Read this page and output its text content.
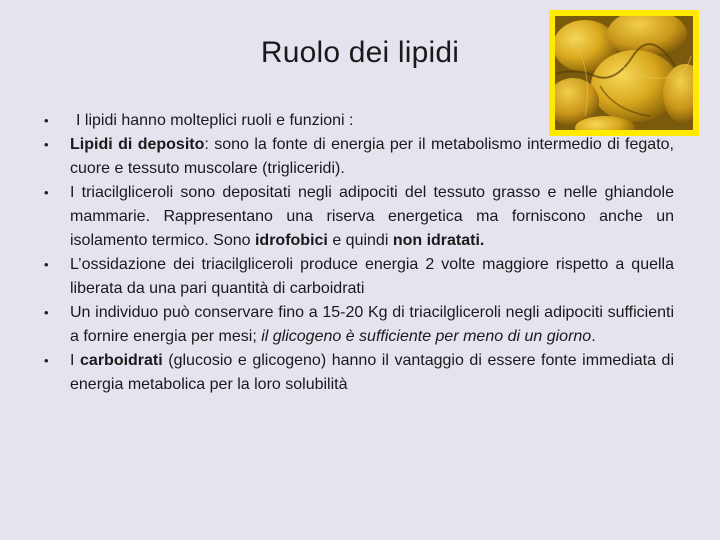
Ruolo dei lipidi
• I lipidi hanno molteplici ruoli e funzioni :
• Lipidi di deposito: sono la fonte di energia per il metabolismo intermedio di fegato, cuore e tessuto muscolare (trigliceridi).
• I triacilgliceroli sono depositati negli adipociti del tessuto grasso e nelle ghiandole mammarie. Rappresentano una riserva energetica ma forniscono anche un isolamento termico. Sono idrofobici e quindi non idratati.
• L’ossidazione dei triacilgliceroli produce energia 2 volte maggiore rispetto a quella liberata da una pari quantità di carboidrati
• Un individuo può conservare fino a 15-20 Kg di triacilgliceroli negli adipociti sufficienti a fornire energia per mesi; il glicogeno è sufficiente per meno di un giorno.
• I carboidrati (glucosio e glicogeno) hanno il vantaggio di essere fonte immediata di energia metabolica per la loro solubilità
